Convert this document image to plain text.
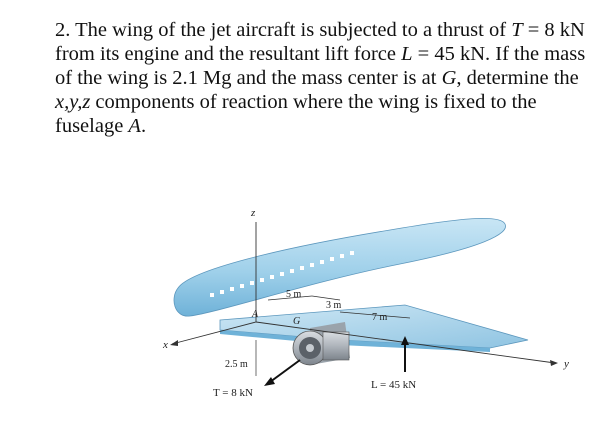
2. The wing of the jet aircraft is subjected to a thrust of T = 8 kN from its engine and the resultant lift force L = 45 kN. If the mass of the wing is 2.1 Mg and the mass center is at G, determine the x,y,z components of reaction where the wing is fixed to the fuselage A.

z
x
y
A
G
5 m
3 m
7 m
2.5 m
T = 8 kN
L = 45 kN
